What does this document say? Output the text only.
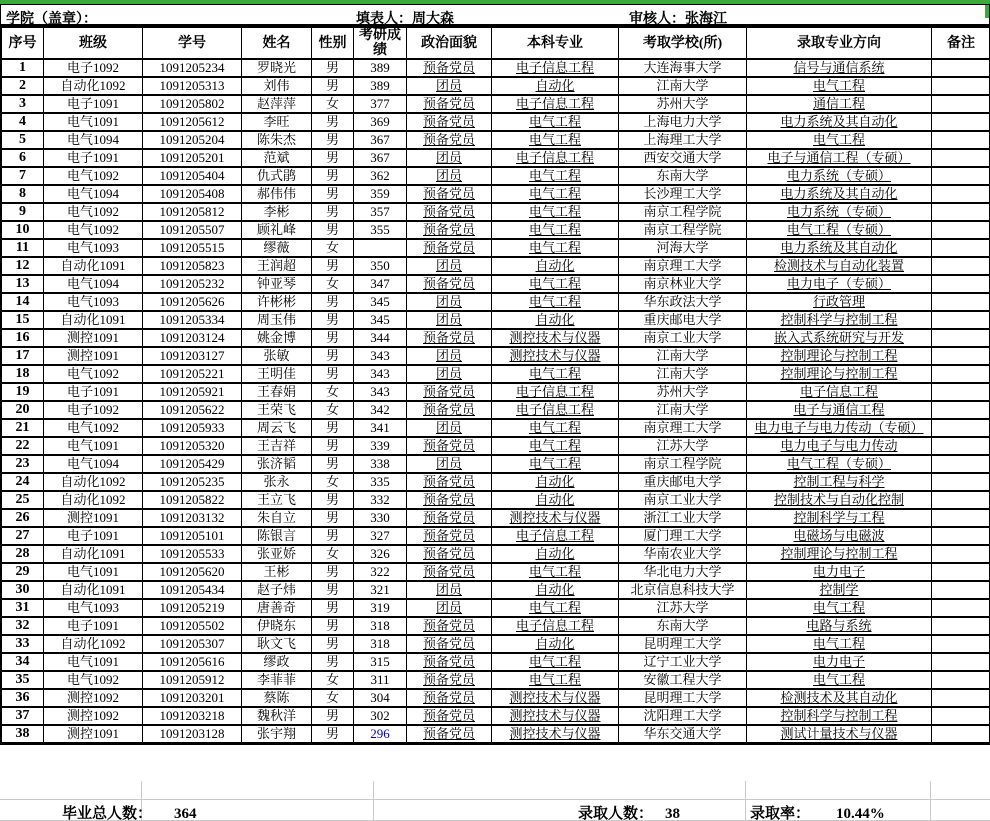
学院（盖章）：	填表人：周大森	审核人：张海江
序号	班级	学号	姓名	性别	考研成绩	政治面貌	本科专业	考取学校(所)	录取专业方向	备注
1	电子1092	1091205234	罗晓光	男	389	预备党员	电子信息工程	大连海事大学	信号与通信系统	
2	自动化1092	1091205313	刘伟	男	389	团员	自动化	江南大学	电气工程	
3	电子1091	1091205802	赵萍萍	女	377	预备党员	电子信息工程	苏州大学	通信工程	
4	电气1091	1091205612	李旺	男	369	预备党员	电气工程	上海电力大学	电力系统及其自动化	
5	电气1094	1091205204	陈朱杰	男	367	预备党员	电气工程	上海理工大学	电气工程	
6	电子1091	1091205201	范斌	男	367	团员	电子信息工程	西安交通大学	电子与通信工程（专硕）	
7	电气1092	1091205404	仇式鹃	男	362	团员	电气工程	东南大学	电力系统（专硕）	
8	电气1094	1091205408	郝伟伟	男	359	预备党员	电气工程	长沙理工大学	电力系统及其自动化	
9	电气1092	1091205812	李彬	男	357	预备党员	电气工程	南京工程学院	电力系统（专硕）	
10	电气1092	1091205507	顾礼峰	男	355	预备党员	电气工程	南京工程学院	电气工程（专硕）	
11	电气1093	1091205515	缪薇	女		预备党员	电气工程	河海大学	电力系统及其自动化	
12	自动化1091	1091205823	王润超	男	350	团员	自动化	南京理工大学	检测技术与自动化装置	
13	电气1094	1091205232	钟亚琴	女	347	预备党员	电气工程	南京林业大学	电力电子（专硕）	
14	电气1093	1091205626	许彬彬	男	345	团员	电气工程	华东政法大学	行政管理	
15	自动化1091	1091205334	周玉伟	男	345	团员	自动化	重庆邮电大学	控制科学与控制工程	
16	测控1091	1091203124	姚金博	男	344	预备党员	测控技术与仪器	南京工业大学	嵌入式系统研究与开发	
17	测控1091	1091203127	张敏	男	343	团员	测控技术与仪器	江南大学	控制理论与控制工程	
18	电气1092	1091205221	王明佳	男	343	团员	电气工程	江南大学	控制理论与控制工程	
19	电子1091	1091205921	王春娟	女	343	预备党员	电子信息工程	苏州大学	电子信息工程	
20	电子1092	1091205622	王荣飞	女	342	预备党员	电子信息工程	江南大学	电子与通信工程	
21	电气1092	1091205933	周云飞	男	341	团员	电气工程	南京理工大学	电力电子与电力传动（专硕）	
22	电气1091	1091205320	王吉祥	男	339	预备党员	电气工程	江苏大学	电力电子与电力传动	
23	电气1094	1091205429	张济韬	男	338	团员	电气工程	南京工程学院	电气工程（专硕）	
24	自动化1092	1091205235	张永	女	335	预备党员	自动化	重庆邮电大学	控制工程与科学	
25	自动化1092	1091205822	王立飞	男	332	预备党员	自动化	南京工业大学	控制技术与自动化控制	
26	测控1091	1091203132	朱自立	男	330	预备党员	测控技术与仪器	浙江工业大学	控制科学与工程	
27	电子1091	1091205101	陈银言	男	327	预备党员	电子信息工程	厦门理工大学	电磁场与电磁波	
28	自动化1091	1091205533	张亚娇	女	326	预备党员	自动化	华南农业大学	控制理论与控制工程	
29	电气1091	1091205620	王彬	男	322	预备党员	电气工程	华北电力大学	电力电子	
30	自动化1091	1091205434	赵子炜	男	321	团员	自动化	北京信息科技大学	控制学	
31	电气1093	1091205219	唐善奇	男	319	团员	电气工程	江苏大学	电气工程	
32	电子1091	1091205502	伊晓东	男	318	预备党员	电子信息工程	东南大学	电路与系统	
33	自动化1092	1091205307	耿文飞	男	318	预备党员	自动化	昆明理工大学	电气工程	
34	电气1091	1091205616	缪政	男	315	预备党员	电气工程	辽宁工业大学	电力电子	
35	电气1092	1091205912	李菲菲	女	311	预备党员	电气工程	安徽工程大学	电气工程	
36	测控1092	1091203201	蔡陈	女	304	预备党员	测控技术与仪器	昆明理工大学	检测技术及其自动化	
37	测控1092	1091203218	魏秋洋	男	302	预备党员	测控技术与仪器	沈阳理工大学	控制科学与控制工程	
38	测控1091	1091203128	张宇翔	男	296	预备党员	测控技术与仪器	华东交通大学	测试计量技术与仪器	
毕业总人数： 364	录取人数： 38	录取率： 10.44%
